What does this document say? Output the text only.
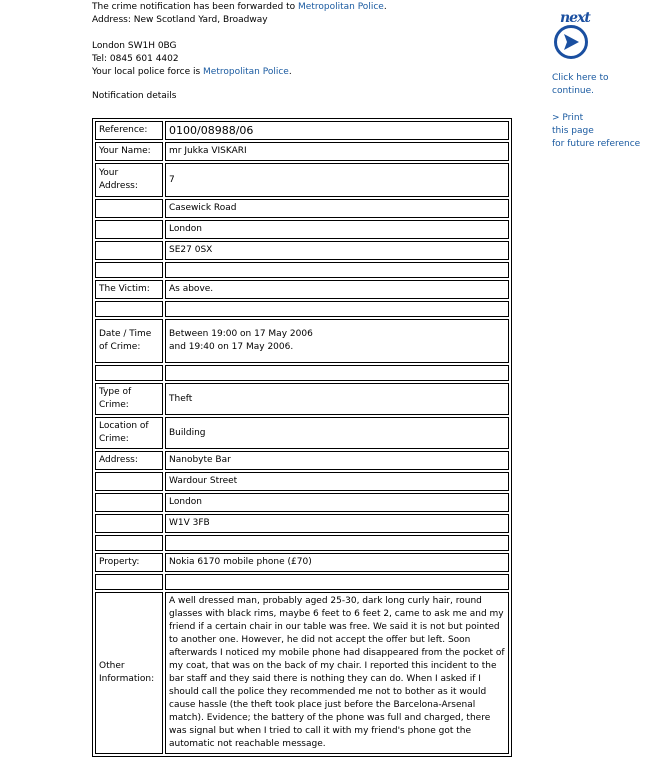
The crime notification has been forwarded to Metropolitan Police.

Address: New Scotland Yard, Broadway

London SW1H 0BG

Tel: 0845 601 4402

Your local police force is Metropolitan Police.

Notification details
Reference:	0100/08988/06
Your Name:	mr Jukka VISKARI
Your Address:	7
	Casewick Road
	London
	SE27 0SX

The Victim:	As above.

Date / Time of Crime:	Between 19:00 on 17 May 2006
and 19:40 on 17 May 2006.

Type of Crime:	Theft
Location of Crime:	Building
Address:	Nanobyte Bar
	Wardour Street
	London
	W1V 3FB

Property:	Nokia 6170 mobile phone (£70)

Other Information:	A well dressed man, probably aged 25-30, dark long curly hair, round glasses with black rims, maybe 6 feet to 6 feet 2, came to ask me and my friend if a certain chair in our table was free. We said it is not but pointed to another one. However, he did not accept the offer but left. Soon afterwards I noticed my mobile phone had disappeared from the pocket of my coat, that was on the back of my chair. I reported this incident to the bar staff and they said there is nothing they can do. When I asked if I should call the police they recommended me not to bother as it would cause hassle (the theft took place just before the Barcelona-Arsenal match). Evidence; the battery of the phone was full and charged, there was signal but when I tried to call it with my friend's phone got the automatic not reachable message.
next
Click here to
continue.
> Print
this page
for future reference
